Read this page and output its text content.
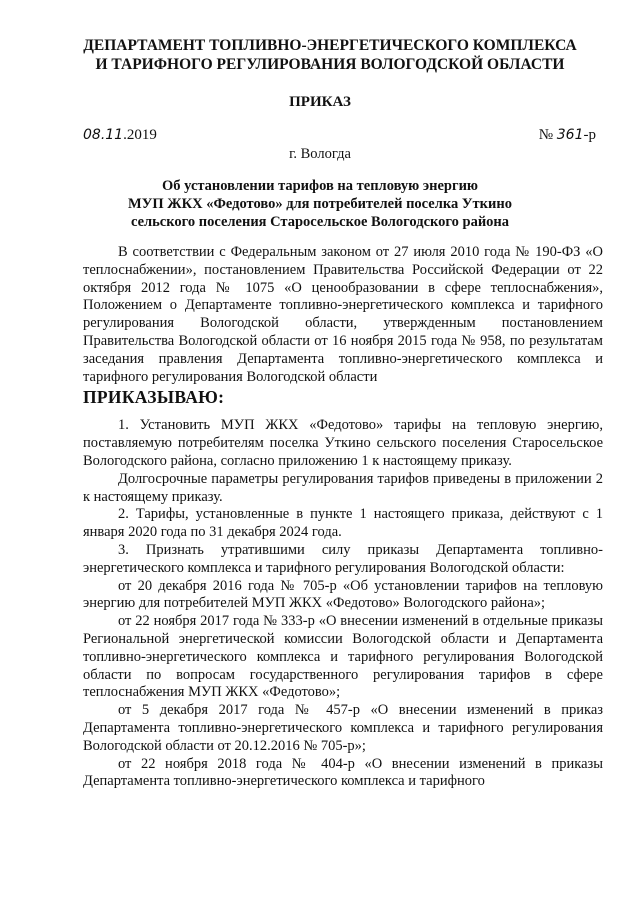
ДЕПАРТАМЕНТ ТОПЛИВНО-ЭНЕРГЕТИЧЕСКОГО КОМПЛЕКСА
И ТАРИФНОГО РЕГУЛИРОВАНИЯ ВОЛОГОДСКОЙ ОБЛАСТИ
ПРИКАЗ
08.11.2019	№ 361-р
г. Вологда
Об установлении тарифов на тепловую энергию
МУП ЖКХ «Федотово» для потребителей поселка Уткино
сельского поселения Старосельское Вологодского района

В соответствии с Федеральным законом от 27 июля 2010 года № 190-ФЗ «О теплоснабжении», постановлением Правительства Российской Федерации от 22 октября 2012 года № 1075 «О ценообразовании в сфере теплоснабжения», Положением о Департаменте топливно-энергетического комплекса и тарифного регулирования Вологодской области, утвержденным постановлением Правительства Вологодской области от 16 ноября 2015 года № 958, по результатам заседания правления Департамента топливно-энергетического комплекса и тарифного регулирования Вологодской области

ПРИКАЗЫВАЮ:

1. Установить МУП ЖКХ «Федотово» тарифы на тепловую энергию, поставляемую потребителям поселка Уткино сельского поселения Старосельское Вологодского района, согласно приложению 1 к настоящему приказу.

Долгосрочные параметры регулирования тарифов приведены в приложении 2 к настоящему приказу.

2. Тарифы, установленные в пункте 1 настоящего приказа, действуют с 1 января 2020 года по 31 декабря 2024 года.

3. Признать утратившими силу приказы Департамента топливно-энергетического комплекса и тарифного регулирования Вологодской области:

от 20 декабря 2016 года № 705-р «Об установлении тарифов на тепловую энергию для потребителей МУП ЖКХ «Федотово» Вологодского района»;

от 22 ноября 2017 года № 333-р «О внесении изменений в отдельные приказы Региональной энергетической комиссии Вологодской области и Департамента топливно-энергетического комплекса и тарифного регулирования Вологодской области по вопросам государственного регулирования тарифов в сфере теплоснабжения МУП ЖКХ «Федотово»;

от 5 декабря 2017 года № 457-р «О внесении изменений в приказ Департамента топливно-энергетического комплекса и тарифного регулирования Вологодской области от 20.12.2016 № 705-р»;

от 22 ноября 2018 года № 404-р «О внесении изменений в приказы Департамента топливно-энергетического комплекса и тарифного
